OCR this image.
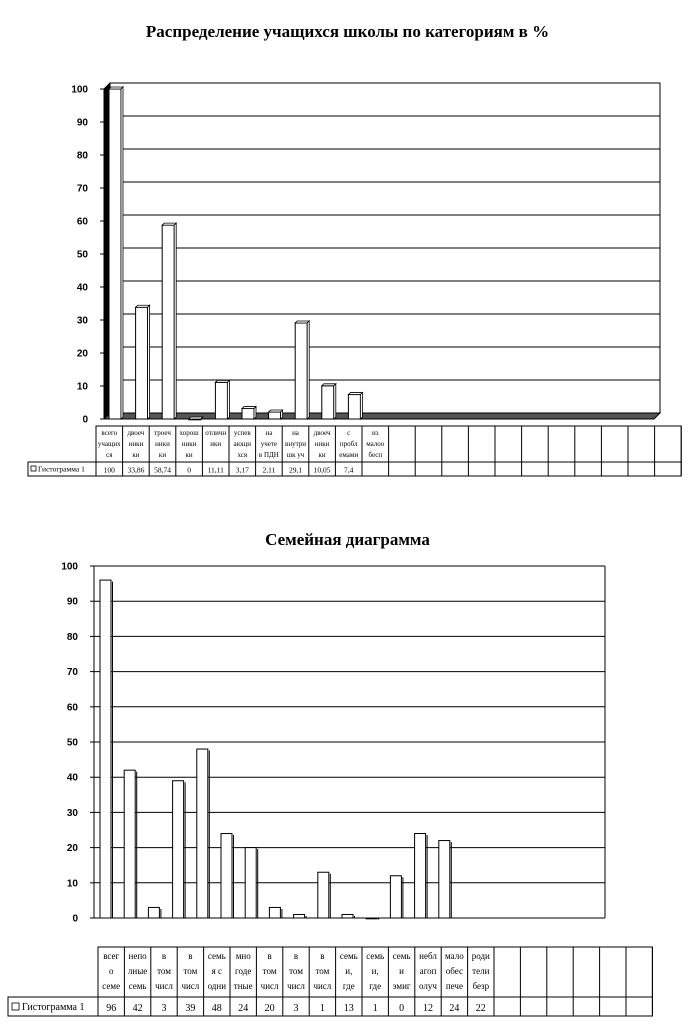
Распределение учащихся школы по категориям в %
Семейная диаграмма
0
10
20
30
40
50
60
70
80
90
100
всего
учащих
ся
двоеч
ники
ки
троеч
ники
ки
хорош
ники
ки
отличн
ики
успев
ающи
хся
на
учете
в ПДН
на
внутри
шк уч
двоеч
ники
ки
с
пробл
емами
из
малоо
бесп
100 33,86 58,74 0 11,11 3,17 2,11 29,1 10,05 7,4
Гистограмма 1
0
10
20
30
40
50
60
70
80
90
100
всег
о
семе
непо
лные
семь
в
том
числ
в
том
числ
семь
я с
одни
мно
годе
тные
в
том
числ
в
том
числ
в
том
числ
семь
и,
где
семь
и,
где
семь
и
эмиг
небл
агоп
олуч
мало
обес
пече
роди
тели
безр
96 42 3 39 48 24 20 3 1 13 1 0 12 24 22
Гистограмма 1
